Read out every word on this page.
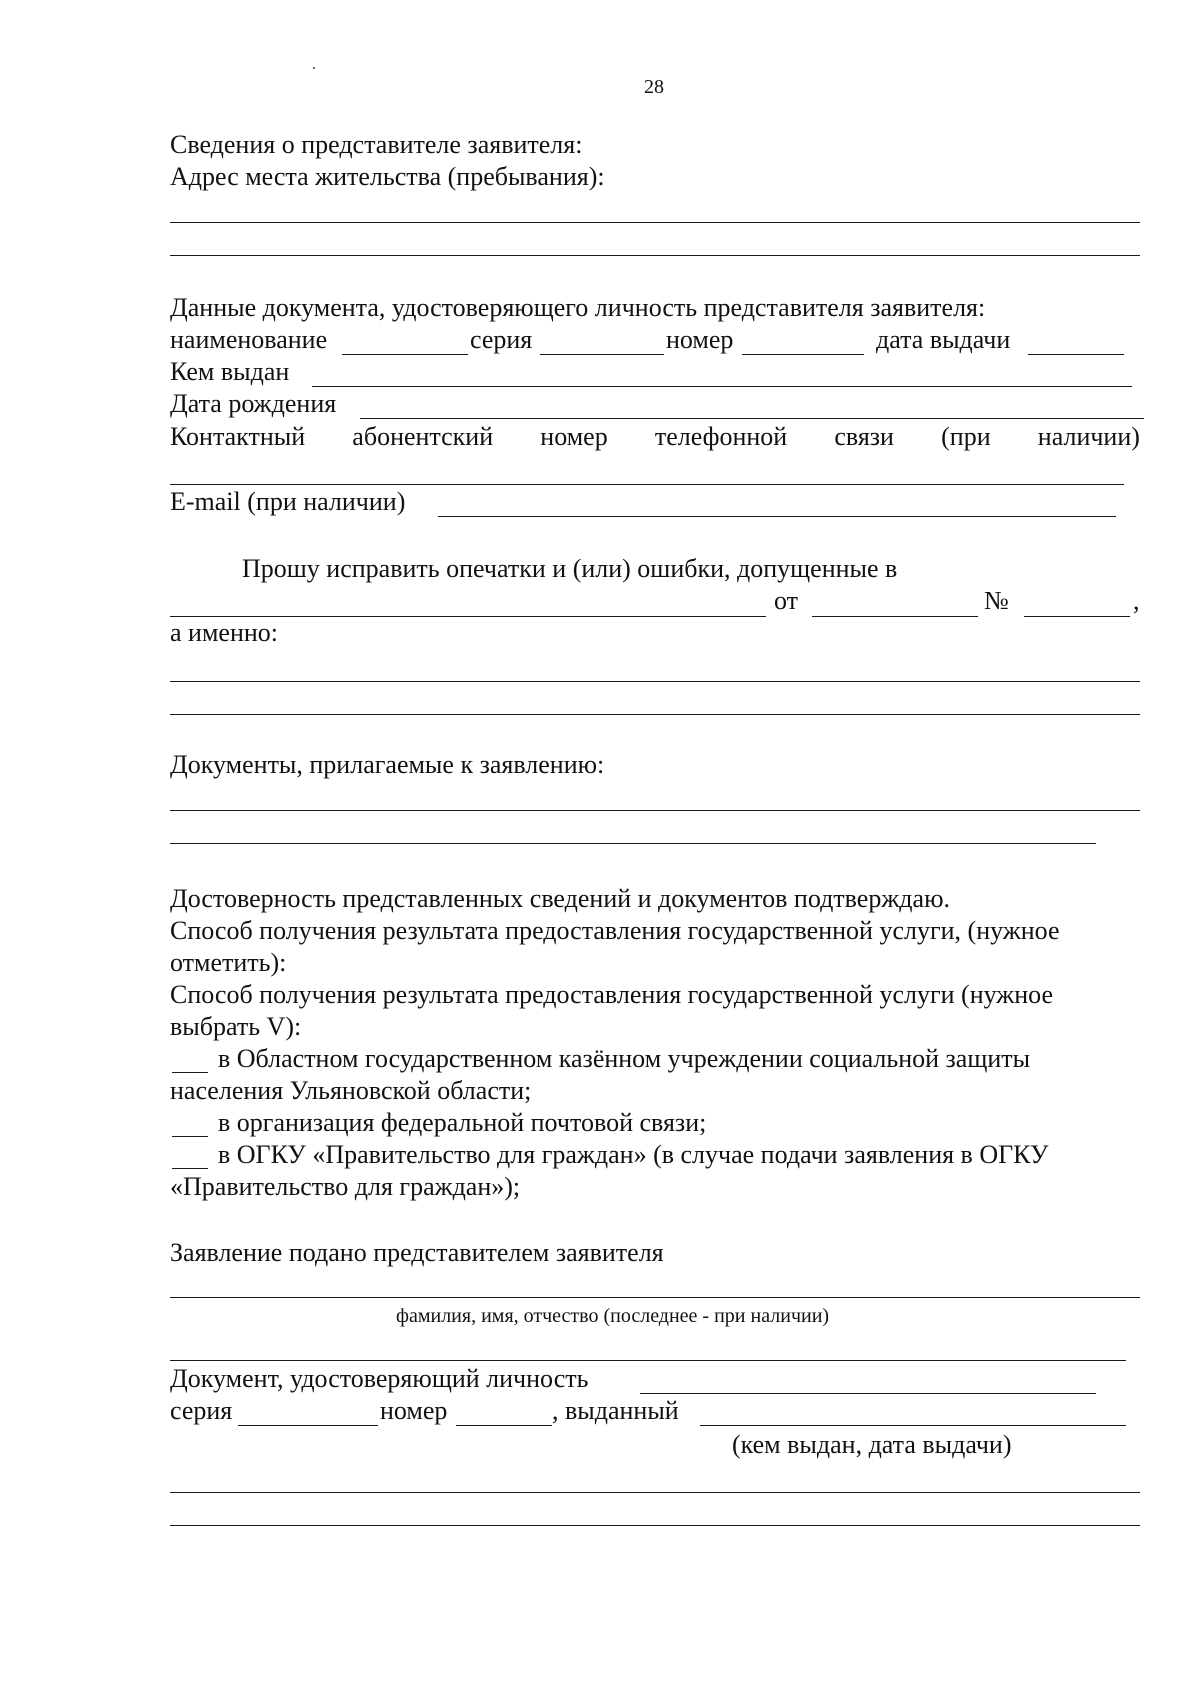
28
Сведения о представителе заявителя:
Адрес места жительства (пребывания):
Данные документа, удостоверяющего личность представителя заявителя:
наименование	серия	номер	дата выдачи
Кем выдан
Дата рождения
Контактный абонентский номер телефонной связи (при наличии)
E-mail (при наличии)
Прошу исправить опечатки и (или) ошибки, допущенные в
от	№	,
а именно:
Документы, прилагаемые к заявлению:
Достоверность представленных сведений и документов подтверждаю.
Способ получения результата предоставления государственной услуги, (нужное
отметить):
Способ получения результата предоставления государственной услуги (нужное
выбрать V):
в Областном государственном казённом учреждении социальной защиты
населения Ульяновской области;
в организация федеральной почтовой связи;
в ОГКУ «Правительство для граждан» (в случае подачи заявления в ОГКУ
«Правительство для граждан»);
Заявление подано представителем заявителя
фамилия, имя, отчество (последнее - при наличии)
Документ, удостоверяющий личность
серия	номер	, выданный
(кем выдан, дата выдачи)
